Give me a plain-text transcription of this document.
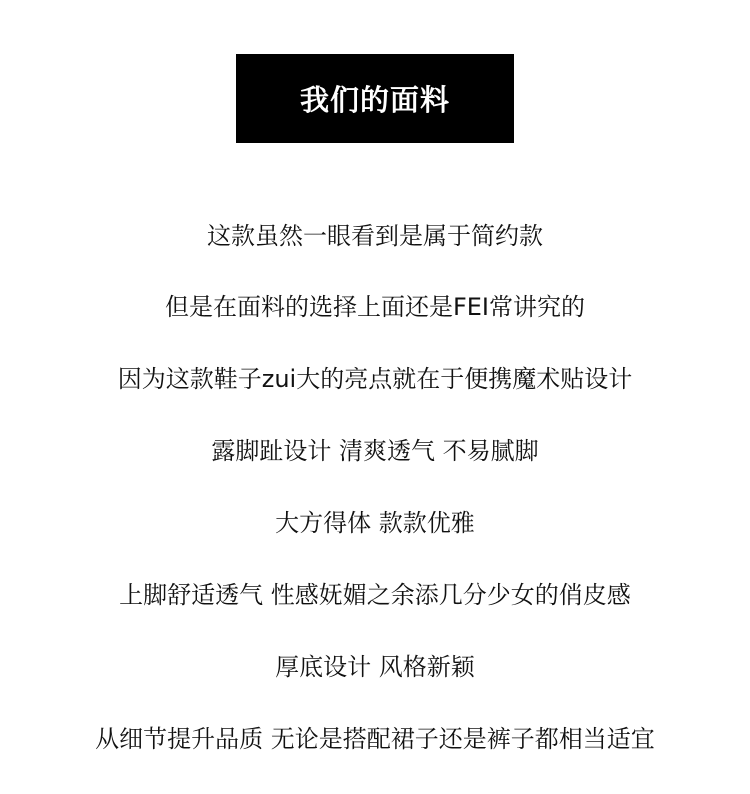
我们的面料
这款虽然一眼看到是属于简约款
但是在面料的选择上面还是FEI常讲究的
因为这款鞋子zui大的亮点就在于便携魔术贴设计
露脚趾设计 清爽透气 不易腻脚
大方得体 款款优雅
上脚舒适透气 性感妩媚之余添几分少女的俏皮感
厚底设计 风格新颖
从细节提升品质 无论是搭配裙子还是裤子都相当适宜
